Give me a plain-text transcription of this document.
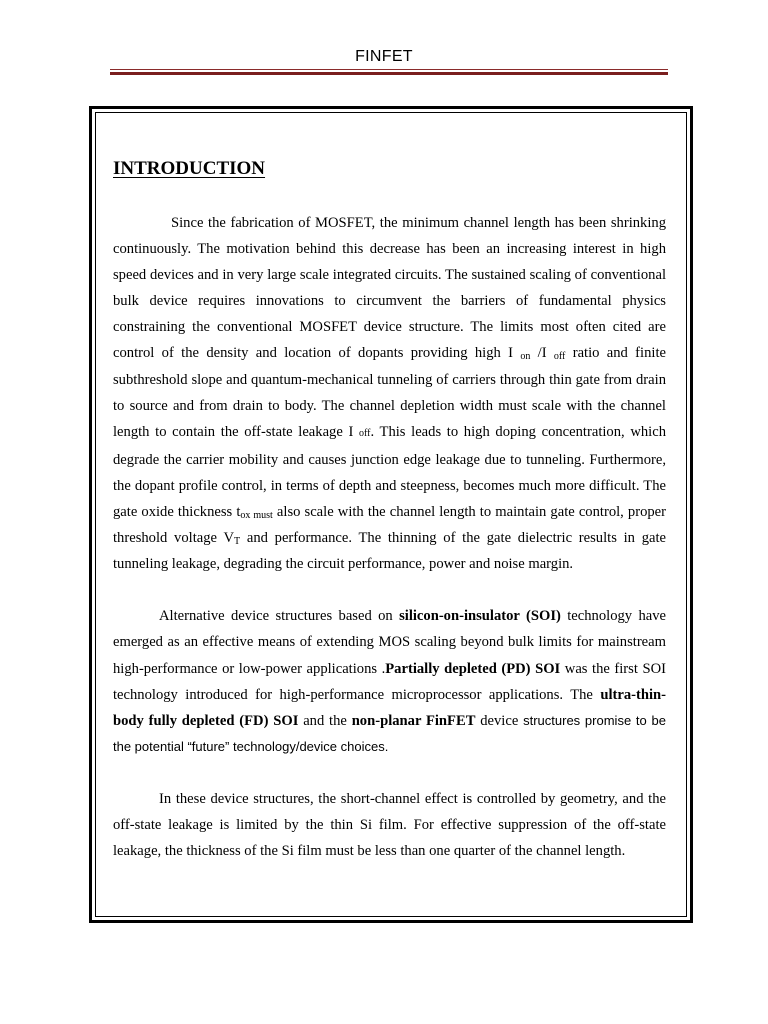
FINFET
INTRODUCTION

Since the fabrication of MOSFET, the minimum channel length has been shrinking continuously. The motivation behind this decrease has been an increasing interest in high speed devices and in very large scale integrated circuits. The sustained scaling of conventional bulk device requires innovations to circumvent the barriers of fundamental physics constraining the conventional MOSFET device structure. The limits most often cited are control of the density and location of dopants providing high I $_{on}$ /I $_{off}$ ratio and finite subthreshold slope and quantum-mechanical tunneling of carriers through thin gate from drain to source and from drain to body. The channel depletion width must scale with the channel length to contain the off-state leakage I off. This leads to high doping concentration, which degrade the carrier mobility and causes junction edge leakage due to tunneling. Furthermore, the dopant profile control, in terms of depth and steepness, becomes much more difficult. The gate oxide thickness $t_{ox must}$ also scale with the channel length to maintain gate control, proper threshold voltage $V_T$ and performance. The thinning of the gate dielectric results in gate tunneling leakage, degrading the circuit performance, power and noise margin.

Alternative device structures based on silicon-on-insulator (SOI) technology have emerged as an effective means of extending MOS scaling beyond bulk limits for mainstream high-performance or low-power applications .Partially depleted (PD) SOI was the first SOI technology introduced for high-performance microprocessor applications. The ultra-thin-body fully depleted (FD) SOI and the non-planar FinFET device structures promise to be the potential “future” technology/device choices.

In these device structures, the short-channel effect is controlled by geometry, and the off-state leakage is limited by the thin Si film. For effective suppression of the off-state leakage, the thickness of the Si film must be less than one quarter of the channel length.
